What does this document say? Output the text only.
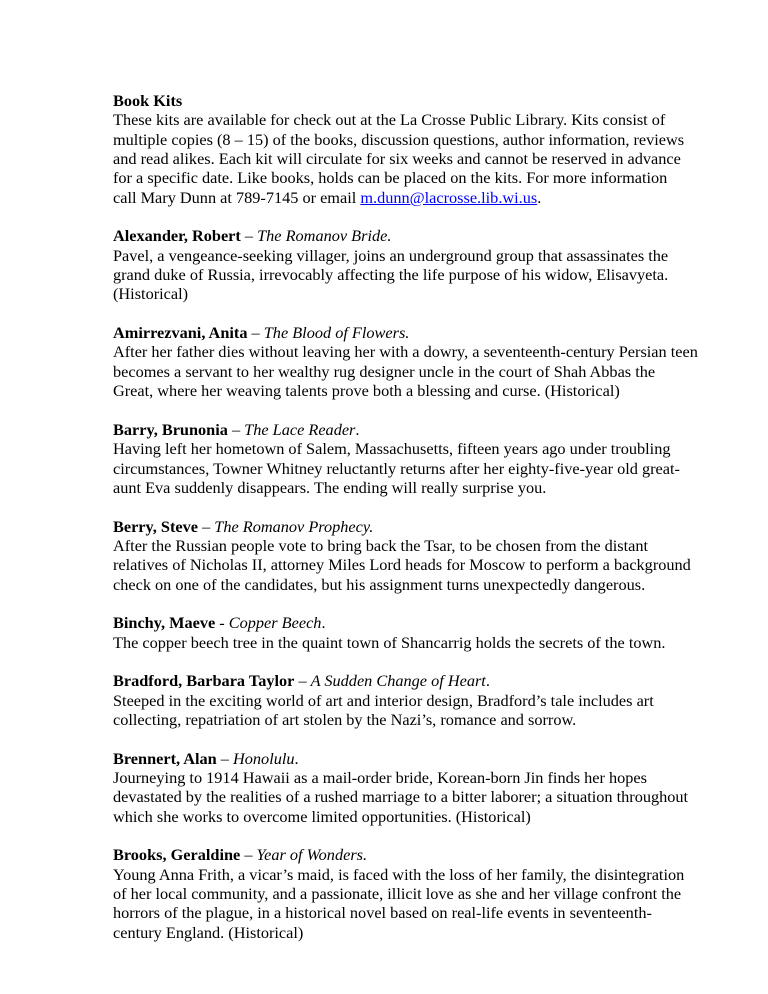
Book Kits
These kits are available for check out at the La Crosse Public Library. Kits consist of
multiple copies (8 – 15) of the books, discussion questions, author information, reviews
and read alikes. Each kit will circulate for six weeks and cannot be reserved in advance
for a specific date. Like books, holds can be placed on the kits. For more information
call Mary Dunn at 789-7145 or email m.dunn@lacrosse.lib.wi.us.
Alexander, Robert – The Romanov Bride.
Pavel, a vengeance-seeking villager, joins an underground group that assassinates the
grand duke of Russia, irrevocably affecting the life purpose of his widow, Elisavyeta.
(Historical)
Amirrezvani, Anita – The Blood of Flowers.
After her father dies without leaving her with a dowry, a seventeenth-century Persian teen
becomes a servant to her wealthy rug designer uncle in the court of Shah Abbas the
Great, where her weaving talents prove both a blessing and curse. (Historical)
Barry, Brunonia – The Lace Reader.
Having left her hometown of Salem, Massachusetts, fifteen years ago under troubling
circumstances, Towner Whitney reluctantly returns after her eighty-five-year old great-
aunt Eva suddenly disappears. The ending will really surprise you.
Berry, Steve – The Romanov Prophecy.
After the Russian people vote to bring back the Tsar, to be chosen from the distant
relatives of Nicholas II, attorney Miles Lord heads for Moscow to perform a background
check on one of the candidates, but his assignment turns unexpectedly dangerous.
Binchy, Maeve - Copper Beech.
The copper beech tree in the quaint town of Shancarrig holds the secrets of the town.
Bradford, Barbara Taylor – A Sudden Change of Heart.
Steeped in the exciting world of art and interior design, Bradford’s tale includes art
collecting, repatriation of art stolen by the Nazi’s, romance and sorrow.
Brennert, Alan – Honolulu.
Journeying to 1914 Hawaii as a mail-order bride, Korean-born Jin finds her hopes
devastated by the realities of a rushed marriage to a bitter laborer; a situation throughout
which she works to overcome limited opportunities. (Historical)
Brooks, Geraldine – Year of Wonders.
Young Anna Frith, a vicar’s maid, is faced with the loss of her family, the disintegration
of her local community, and a passionate, illicit love as she and her village confront the
horrors of the plague, in a historical novel based on real-life events in seventeenth-
century England. (Historical)
